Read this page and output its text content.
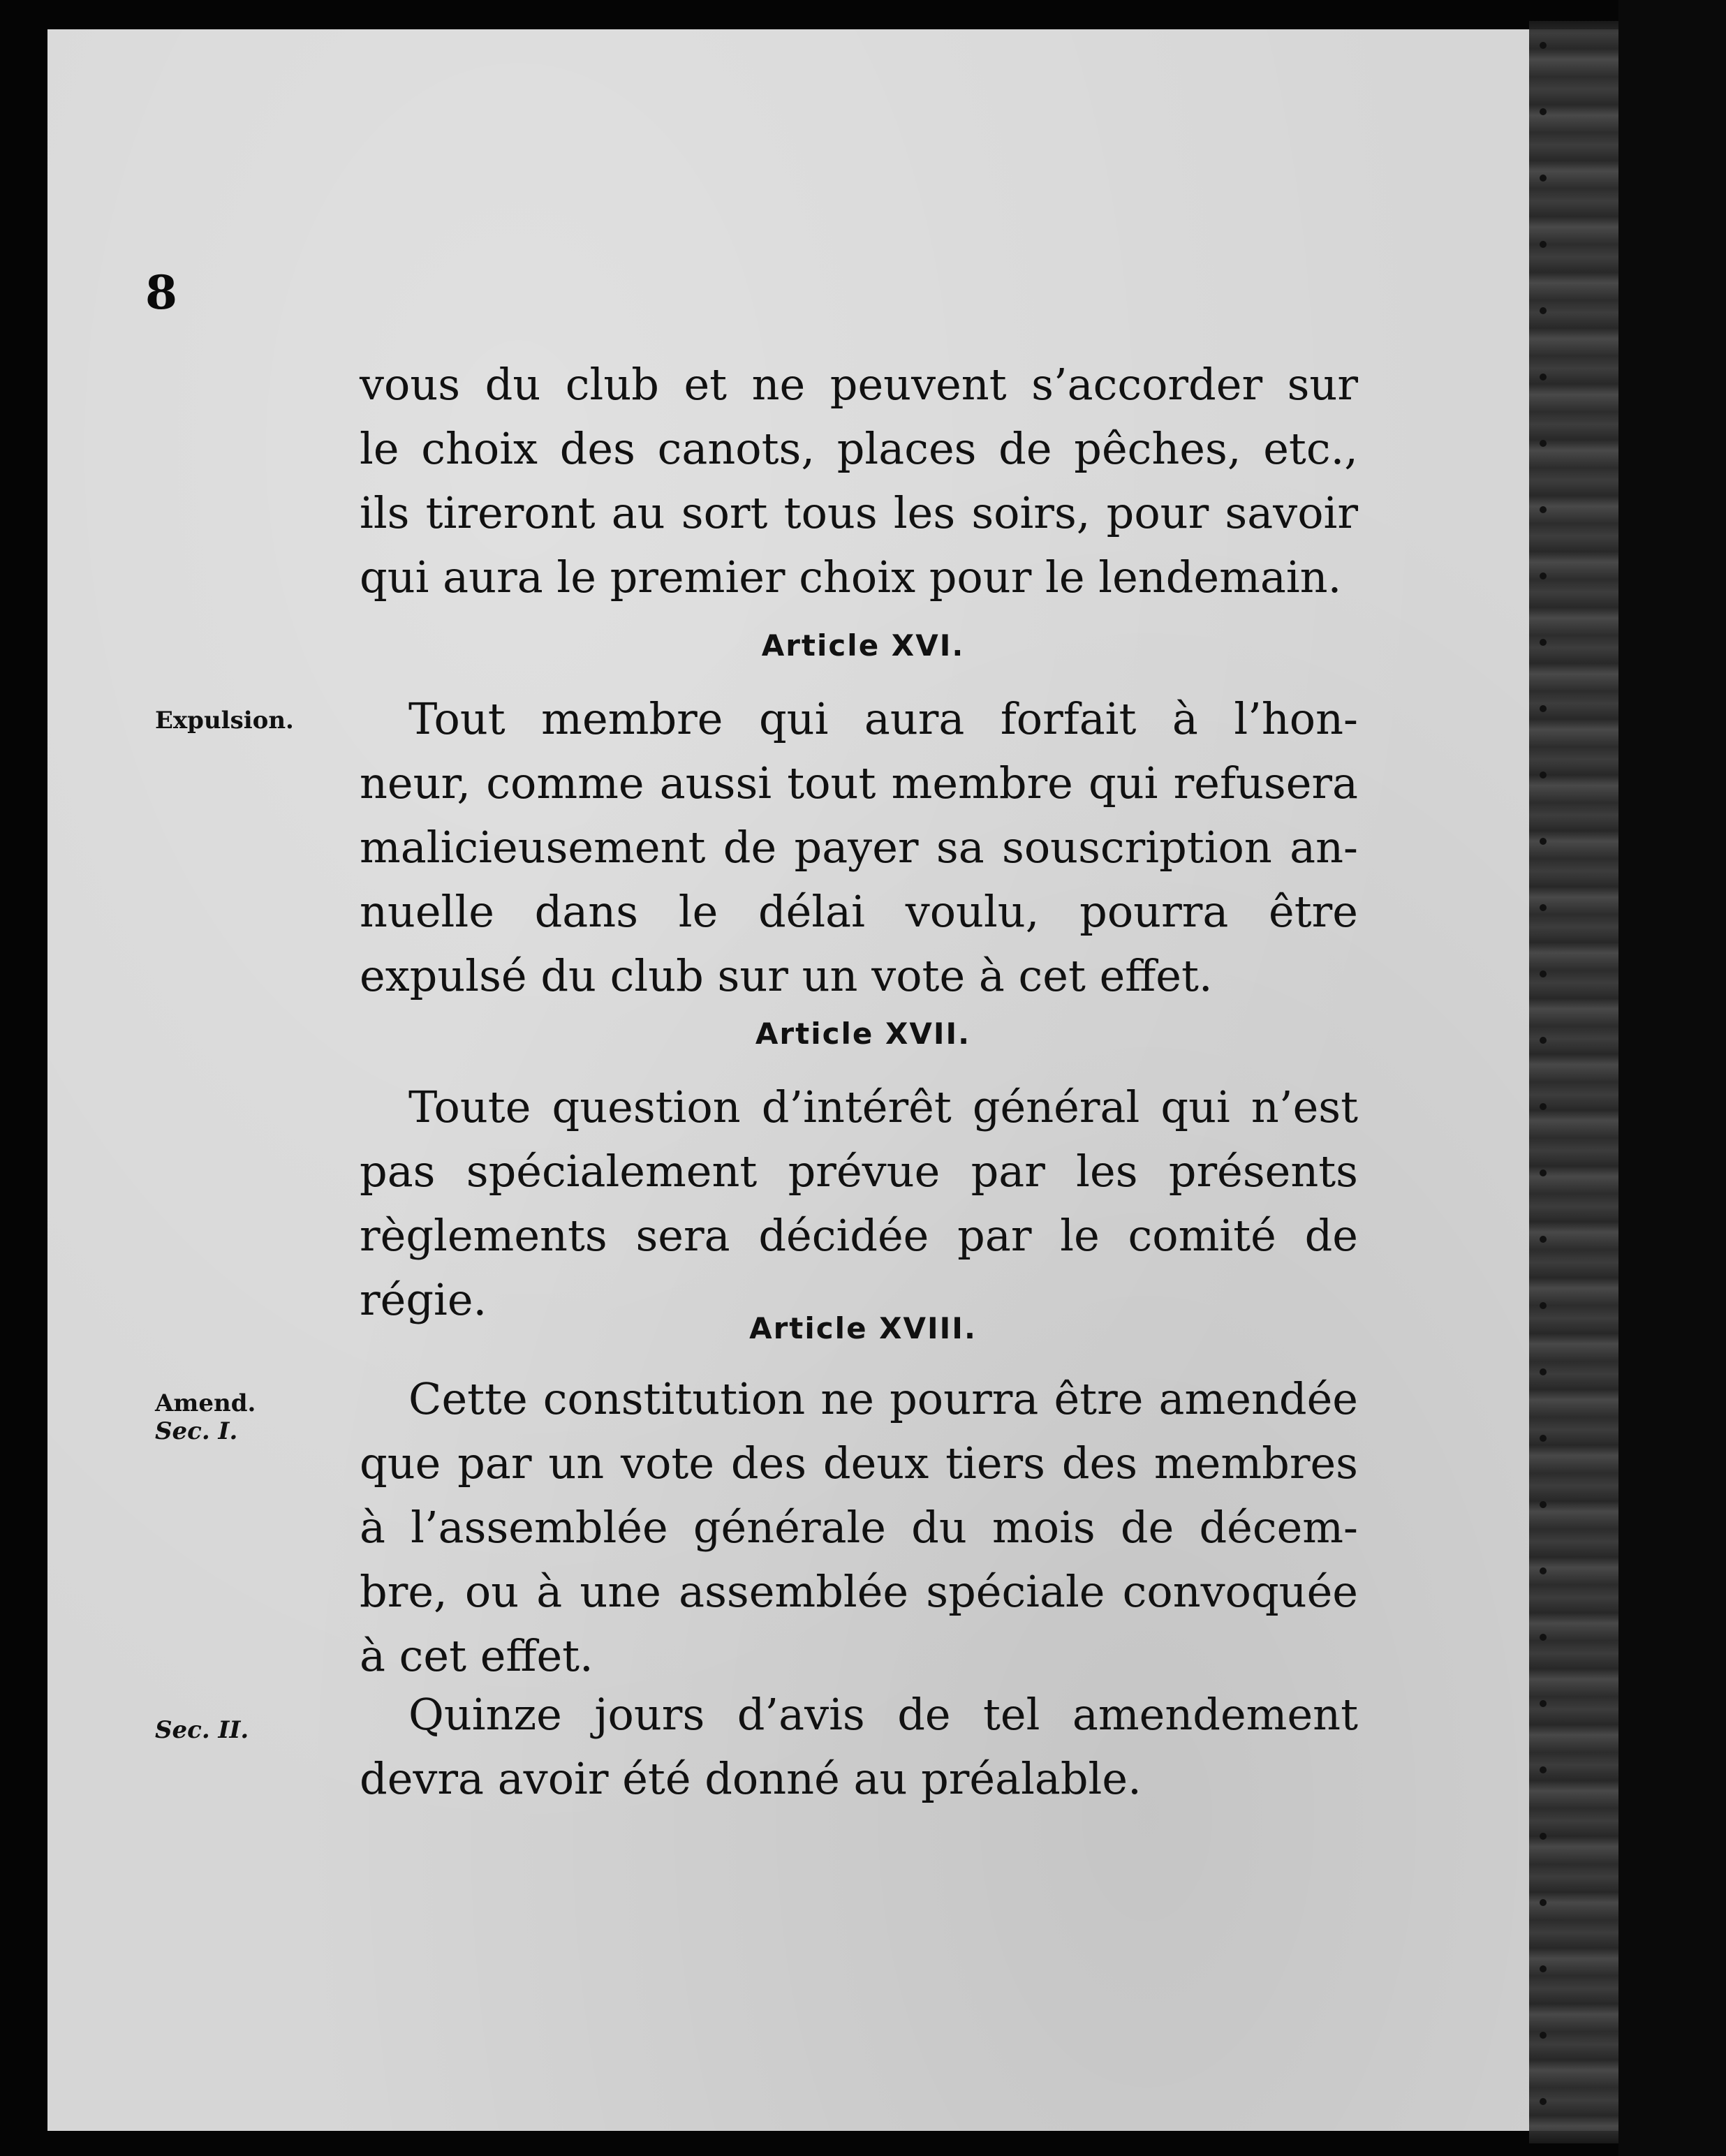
8
vous du club et ne peuvent s’accorder sur
le choix des canots, places de pêches, etc.,
ils tireront au sort tous les soirs, pour savoir
qui aura le premier choix pour le lendemain.
Article XVI.
Expulsion.	Tout membre qui aura forfait à l’hon-
neur, comme aussi tout membre qui refusera
malicieusement de payer sa souscription an-
nuelle dans le délai voulu, pourra être
expulsé du club sur un vote à cet effet.
Article XVII.
Toute question d’intérêt général qui n’est
pas spécialement prévue par les présents
règlements sera décidée par le comité de
régie.
Article XVIII.
Amend.
Sec. I.
Cette constitution ne pourra être amendée
que par un vote des deux tiers des membres
à l’assemblée générale du mois de décem-
bre, ou à une assemblée spéciale convoquée
à cet effet.
Sec. II.	Quinze jours d’avis de tel amendement
devra avoir été donné au préalable.
